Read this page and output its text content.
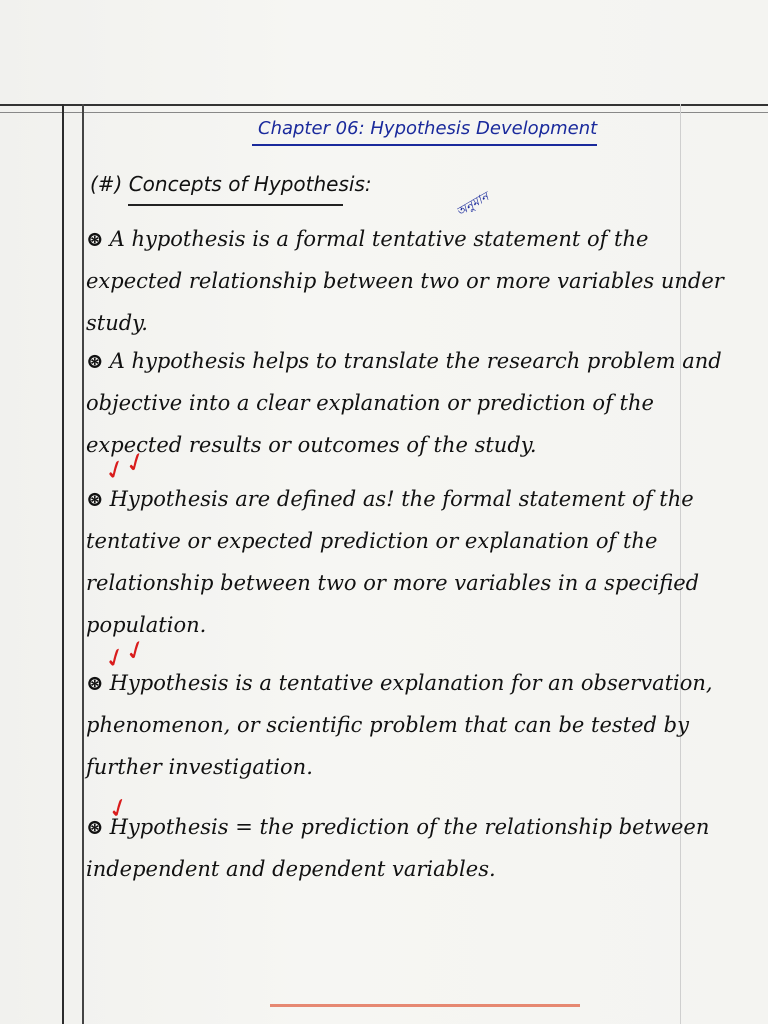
Chapter 06: Hypothesis Development
(#) Concepts of Hypothesis:
অনুমান
⊛ A hypothesis is a formal tentative statement of the expected relationship between two or more variables under study.
⊛ A hypothesis helps to translate the research problem and objective into a clear explanation or prediction of the expected results or outcomes of the study.
✓✓
⊛ Hypothesis are defined as! the formal statement of the tentative or expected prediction or explanation of the relationship between two or more variables in a specified population.
✓✓
⊛ Hypothesis is a tentative explanation for an observation, phenomenon, or scientific problem that can be tested by further investigation.
✓
⊛ Hypothesis = the prediction of the relationship between independent and dependent variables.
